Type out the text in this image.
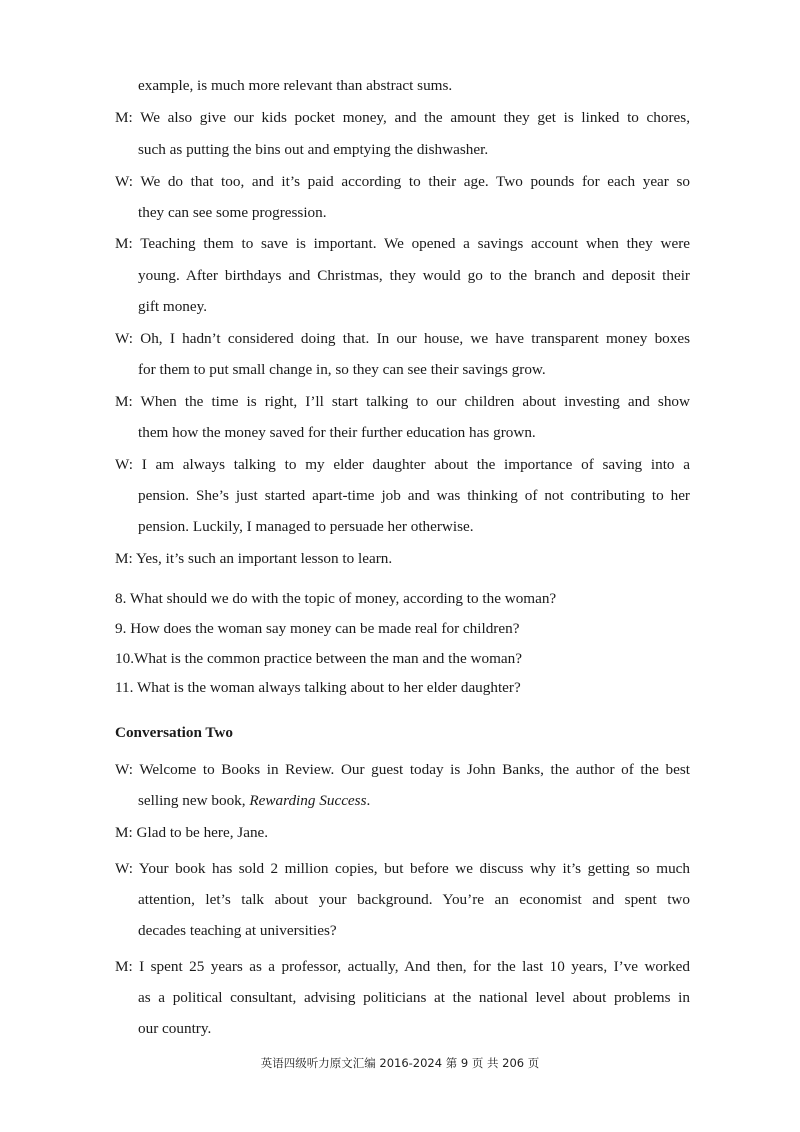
example, is much more relevant than abstract sums.
M: We also give our kids pocket money, and the amount they get is linked to chores,
such as putting the bins out and emptying the dishwasher.
W: We do that too, and it’s paid according to their age. Two pounds for each year so
they can see some progression.
M: Teaching them to save is important. We opened a savings account when they were
young. After birthdays and Christmas, they would go to the branch and deposit their
gift money.
W: Oh, I hadn’t considered doing that. In our house, we have transparent money boxes
for them to put small change in, so they can see their savings grow.
M: When the time is right, I’ll start talking to our children about investing and show
them how the money saved for their further education has grown.
W: I am always talking to my elder daughter about the importance of saving into a
pension. She’s just started apart-time job and was thinking of not contributing to her
pension. Luckily, I managed to persuade her otherwise.
M: Yes, it’s such an important lesson to learn.
8. What should we do with the topic of money, according to the woman?
9. How does the woman say money can be made real for children?
10.What is the common practice between the man and the woman?
11. What is the woman always talking about to her elder daughter?
Conversation Two
W: Welcome to Books in Review. Our guest today is John Banks, the author of the best
selling new book, Rewarding Success.
M: Glad to be here, Jane.
W: Your book has sold 2 million copies, but before we discuss why it’s getting so much
attention, let’s talk about your background. You’re an economist and spent two
decades teaching at universities?
M: I spent 25 years as a professor, actually, And then, for the last 10 years, I’ve worked
as a political consultant, advising politicians at the national level about problems in
our country.
英语四级听力原文汇编 2016-2024 第 9 页 共 206 页
